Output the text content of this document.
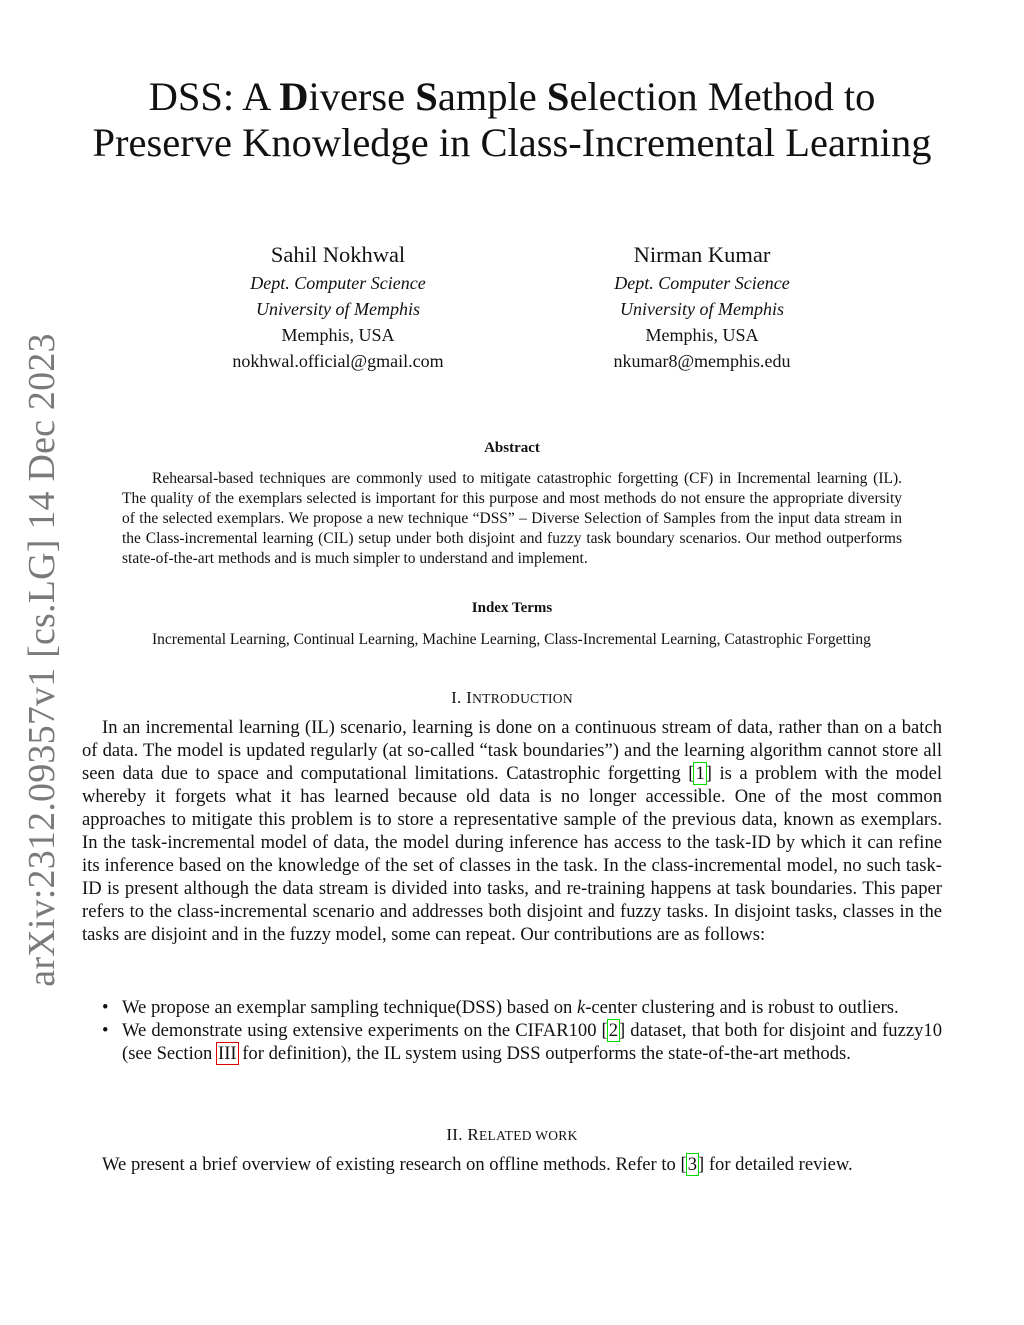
arXiv:2312.09357v1 [cs.LG] 14 Dec 2023
DSS: A Diverse Sample Selection Method to Preserve Knowledge in Class-Incremental Learning
Sahil Nokhwal
Dept. Computer Science
University of Memphis
Memphis, USA
nokhwal.official@gmail.com
Nirman Kumar
Dept. Computer Science
University of Memphis
Memphis, USA
nkumar8@memphis.edu
Abstract

Rehearsal-based techniques are commonly used to mitigate catastrophic forgetting (CF) in Incremental learning (IL). The quality of the exemplars selected is important for this purpose and most methods do not ensure the appropriate diversity of the selected exemplars. We propose a new technique “DSS” – Diverse Selection of Samples from the input data stream in the Class-incremental learning (CIL) setup under both disjoint and fuzzy task boundary scenarios. Our method outperforms state-of-the-art methods and is much simpler to understand and implement.

Index Terms

Incremental Learning, Continual Learning, Machine Learning, Class-Incremental Learning, Catastrophic Forgetting

I. INTRODUCTION

In an incremental learning (IL) scenario, learning is done on a continuous stream of data, rather than on a batch of data. The model is updated regularly (at so-called “task boundaries”) and the learning algorithm cannot store all seen data due to space and computational limitations. Catastrophic forgetting [1] is a problem with the model whereby it forgets what it has learned because old data is no longer accessible. One of the most common approaches to mitigate this problem is to store a representative sample of the previous data, known as exemplars. In the task-incremental model of data, the model during inference has access to the task-ID by which it can refine its inference based on the knowledge of the set of classes in the task. In the class-incremental model, no such task-ID is present although the data stream is divided into tasks, and re-training happens at task boundaries. This paper refers to the class-incremental scenario and addresses both disjoint and fuzzy tasks. In disjoint tasks, classes in the tasks are disjoint and in the fuzzy model, some can repeat. Our contributions are as follows:

• We propose an exemplar sampling technique(DSS) based on k-center clustering and is robust to outliers.
• We demonstrate using extensive experiments on the CIFAR100 [2] dataset, that both for disjoint and fuzzy10 (see Section III for definition), the IL system using DSS outperforms the state-of-the-art methods.
II. RELATED WORK

We present a brief overview of existing research on offline methods. Refer to [3] for detailed review.
